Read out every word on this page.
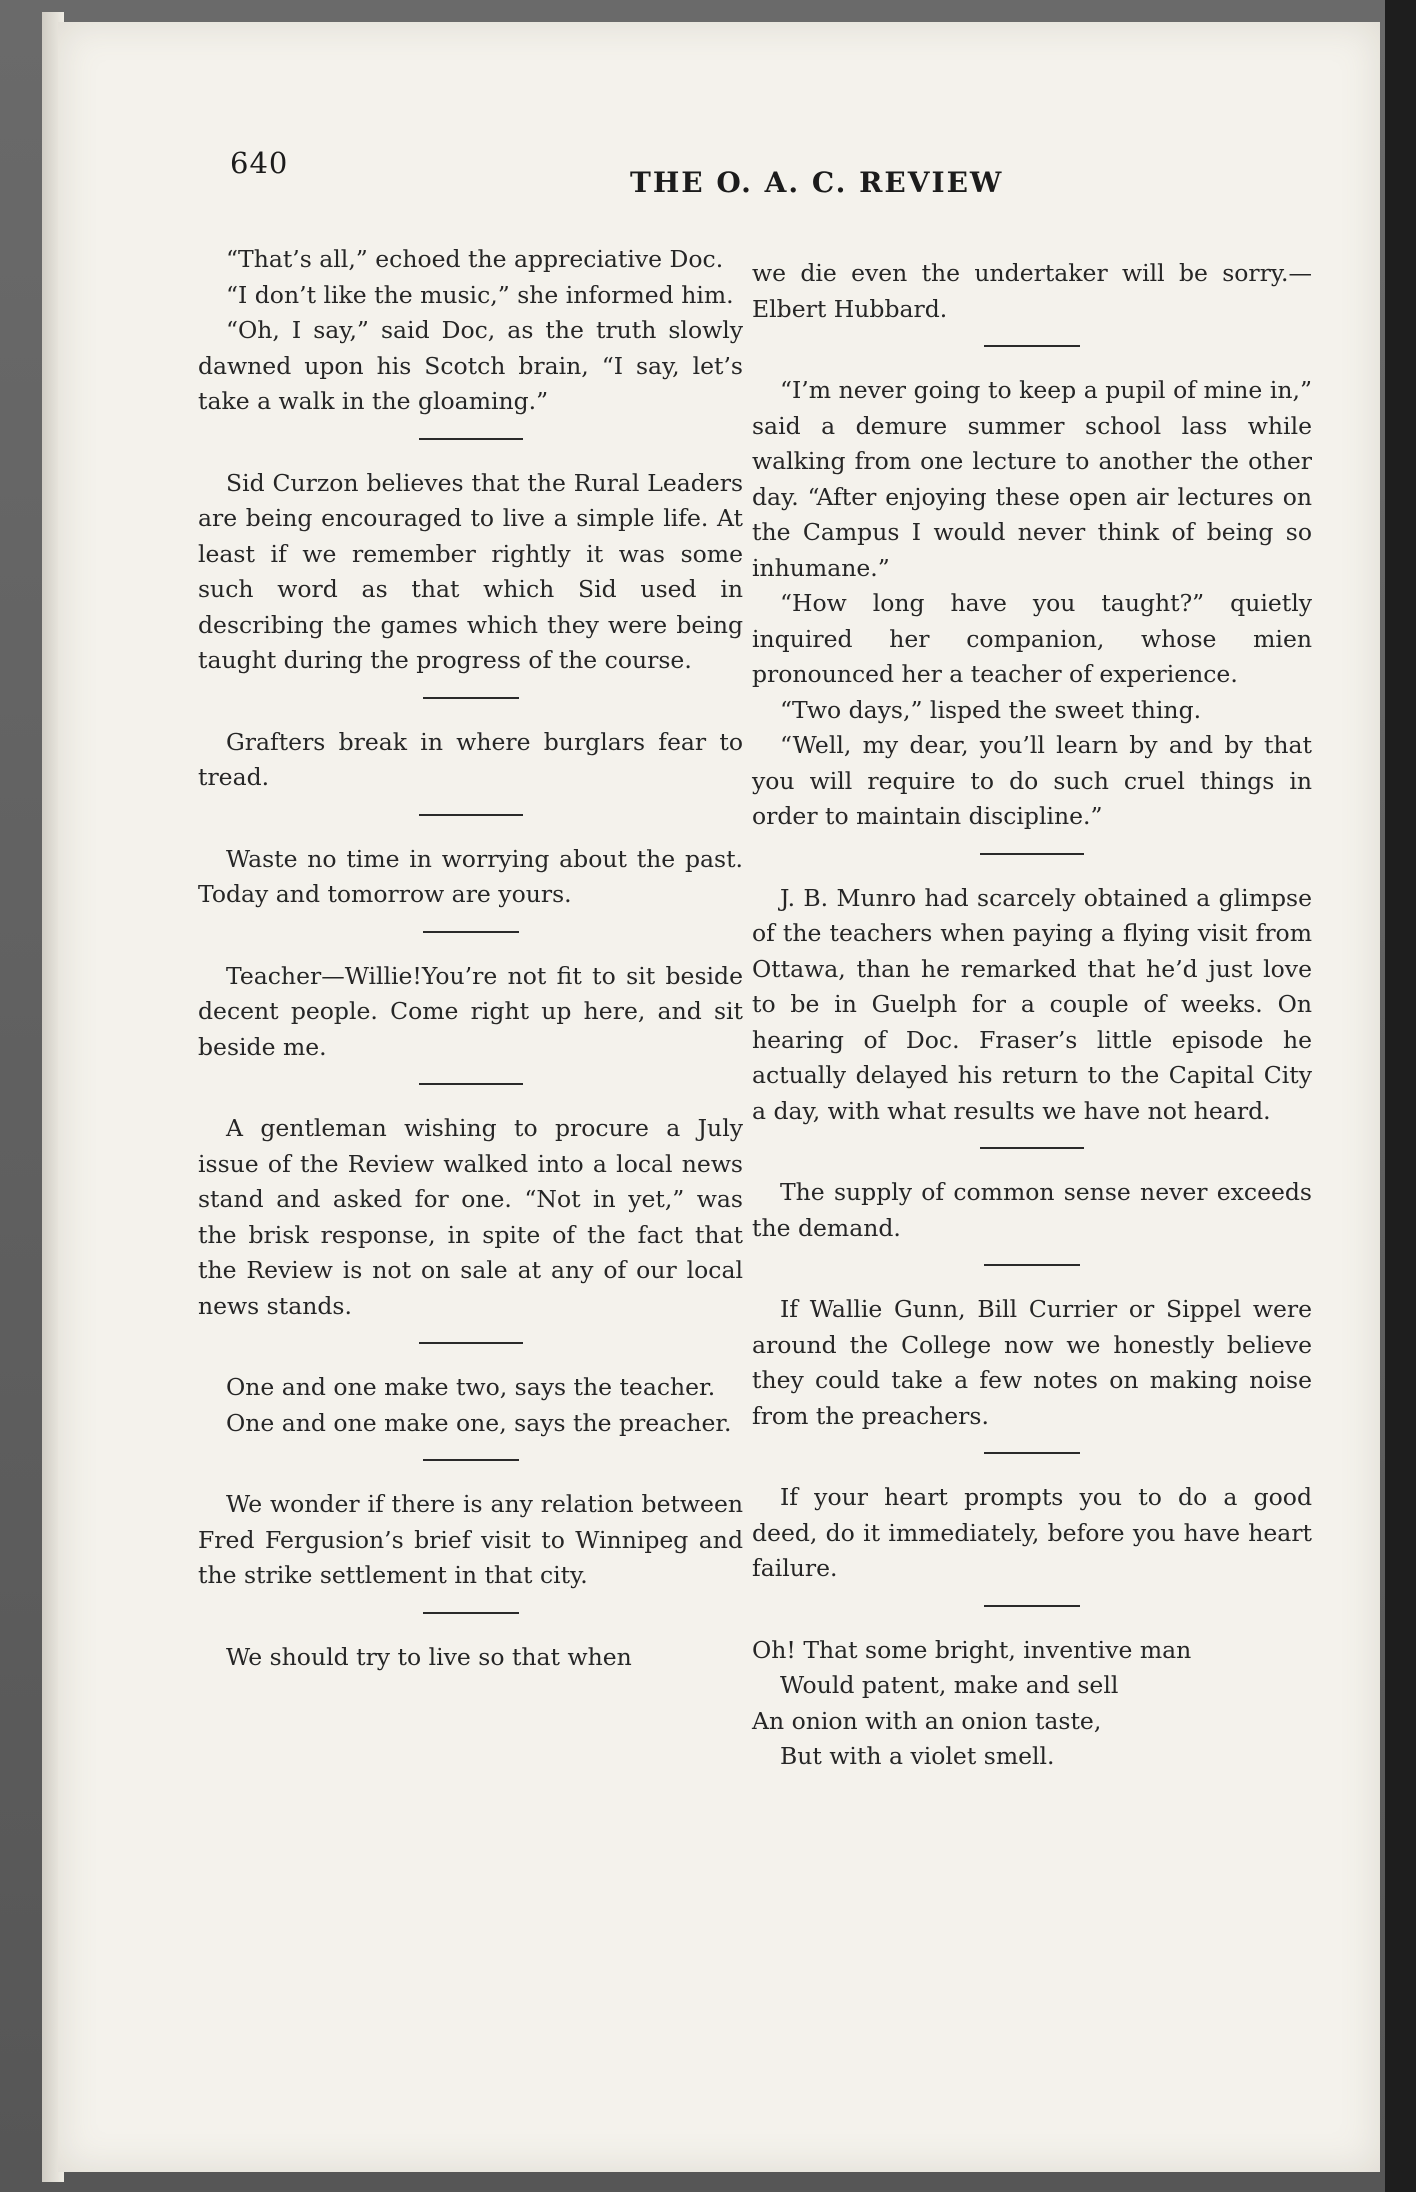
640
THE O. A. C. REVIEW

“That’s all,” echoed the appreciative Doc.

“I don’t like the music,” she informed him.

“Oh, I say,” said Doc, as the truth slowly dawned upon his Scotch brain, “I say, let’s take a walk in the gloaming.”

Sid Curzon believes that the Rural Leaders are being encouraged to live a simple life. At least if we remember rightly it was some such word as that which Sid used in describing the games which they were being taught during the progress of the course.

Grafters break in where burglars fear to tread.

Waste no time in worrying about the past. Today and tomorrow are yours.

Teacher—Willie!You’re not fit to sit beside decent people. Come right up here, and sit beside me.

A gentleman wishing to procure a July issue of the Review walked into a local news stand and asked for one. “Not in yet,” was the brisk response, in spite of the fact that the Review is not on sale at any of our local news stands.

One and one make two, says the teacher.

One and one make one, says the preacher.

We wonder if there is any relation between Fred Fergusion’s brief visit to Winnipeg and the strike settlement in that city.

We should try to live so that when

we die even the undertaker will be sorry.—Elbert Hubbard.

“I’m never going to keep a pupil of mine in,” said a demure summer school lass while walking from one lecture to another the other day. “After enjoying these open air lectures on the Campus I would never think of being so inhumane.”

“How long have you taught?” quietly inquired her companion, whose mien pronounced her a teacher of experience.

“Two days,” lisped the sweet thing.

“Well, my dear, you’ll learn by and by that you will require to do such cruel things in order to maintain discipline.”

J. B. Munro had scarcely obtained a glimpse of the teachers when paying a flying visit from Ottawa, than he remarked that he’d just love to be in Guelph for a couple of weeks. On hearing of Doc. Fraser’s little episode he actually delayed his return to the Capital City a day, with what results we have not heard.

The supply of common sense never exceeds the demand.

If Wallie Gunn, Bill Currier or Sippel were around the College now we honestly believe they could take a few notes on making noise from the preachers.

If your heart prompts you to do a good deed, do it immediately, before you have heart failure.

Oh! That some bright, inventive man
Would patent, make and sell
An onion with an onion taste,
But with a violet smell.
